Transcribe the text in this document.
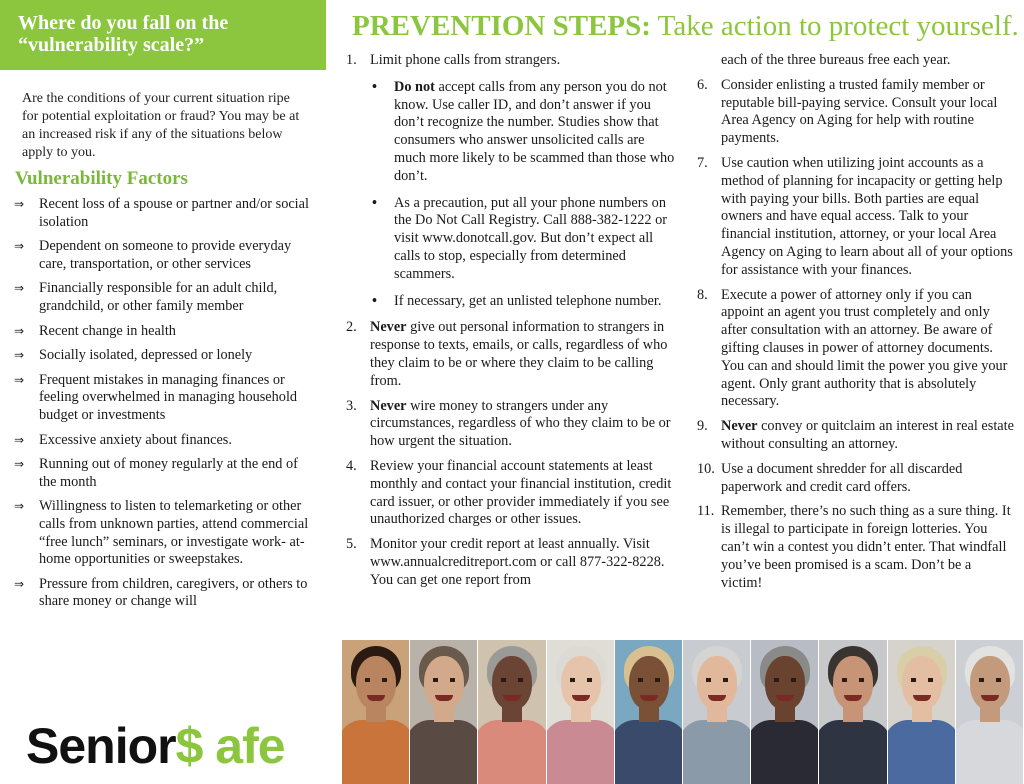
Where do you fall on the
“vulnerability scale?”

Are the conditions of your current situation ripe for potential exploitation or fraud? You may be at an increased risk if any of the situations below apply to you.

Vulnerability Factors
⇒ Recent loss of a spouse or partner and/or social isolation
⇒ Dependent on someone to provide everyday care, transportation, or other services
⇒ Financially responsible for an adult child, grandchild, or other family member
⇒ Recent change in health
⇒ Socially isolated, depressed or lonely
⇒ Frequent mistakes in managing finances or feeling overwhelmed in managing household budget or investments
⇒ Excessive anxiety about finances.
⇒ Running out of money regularly at the end of the month
⇒ Willingness to listen to telemarketing or other calls from unknown parties, attend commercial “free lunch” seminars, or investigate work- at-home opportunities or sweepstakes.
⇒ Pressure from children, caregivers, or others to share money or change will
Senior$ afe
PREVENTION STEPS: Take action to protect yourself.
1. Limit phone calls from strangers.
• Do not accept calls from any person you do not know. Use caller ID, and don’t answer if you don’t recognize the number. Studies show that consumers who answer unsolicited calls are much more likely to be scammed than those who don’t.
• As a precaution, put all your phone numbers on the Do Not Call Registry. Call 888-382-1222 or visit www.donotcall.gov. But don’t expect all calls to stop, especially from determined scammers.
• If necessary, get an unlisted telephone number.
2. Never give out personal information to strangers in response to texts, emails, or calls, regardless of who they claim to be or where they claim to be calling from.
3. Never wire money to strangers under any circumstances, regardless of who they claim to be or how urgent the situation.
4. Review your financial account statements at least monthly and contact your financial institution, credit card issuer, or other provider immediately if you see unauthorized charges or other issues.
5. Monitor your credit report at least annually. Visit www.annualcreditreport.com or call 877-322-8228. You can get one report from
each of the three bureaus free each year.
6. Consider enlisting a trusted family member or reputable bill-paying service. Consult your local Area Agency on Aging for help with routine payments.
7. Use caution when utilizing joint accounts as a method of planning for incapacity or getting help with paying your bills. Both parties are equal owners and have equal access. Talk to your financial institution, attorney, or your local Area Agency on Aging to learn about all of your options for assistance with your finances.
8. Execute a power of attorney only if you can appoint an agent you trust completely and only after consultation with an attorney. Be aware of gifting clauses in power of attorney documents. You can and should limit the power you give your agent. Only grant authority that is absolutely necessary.
9. Never convey or quitclaim an interest in real estate without consulting an attorney.
10. Use a document shredder for all discarded paperwork and credit card offers.
11. Remember, there’s no such thing as a sure thing. It is illegal to participate in foreign lotteries. You can’t win a contest you didn’t enter. That windfall you’ve been promised is a scam. Don’t be a victim!
